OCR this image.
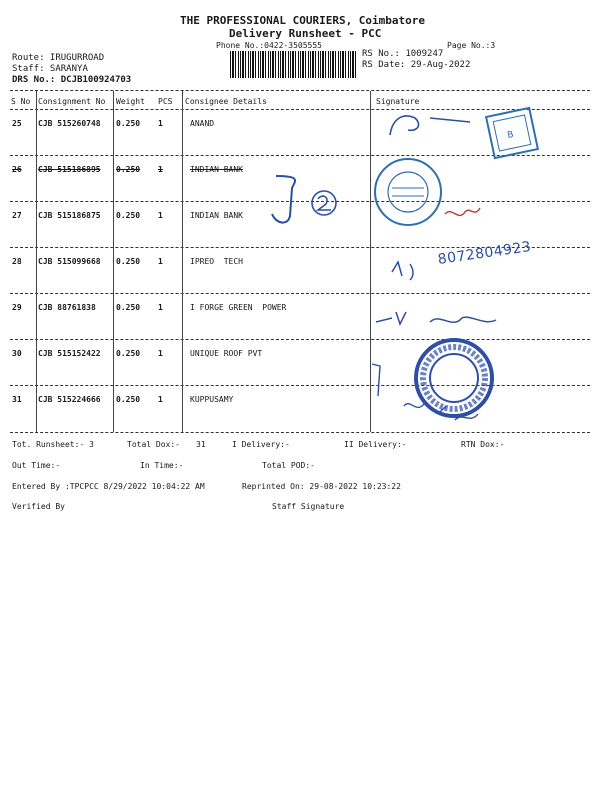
THE PROFESSIONAL COURIERS, Coimbatore
Delivery Runsheet - PCC
Phone No.:0422-3505555	Page No.:3
Route: IRUGURROAD
Staff: SARANYA
DRS No.: DCJB100924703
RS No.: 1009247
RS Date: 29-Aug-2022
S No Consignment No Weight PCS Consignee Details	Signature
25 CJB 515260748 0.250 1	ANAND
26 CJB 515186895 0.250 1	INDIAN BANK
27 CJB 515186875 0.250 1	INDIAN BANK
28 CJB 515099668 0.250 1	IPREO  TECH
29 CJB 88761838	0.250 1	I FORGE GREEN  POWER
30 CJB 515152422 0.250 1	UNIQUE ROOF PVT
31 CJB 515224666 0.250 1	KUPPUSAMY
B
8072804923
Tot. Runsheet:- 3	Total Dox:- 31	I Delivery:-	II Delivery:-	RTN Dox:-
Out Time:-	In Time:-	Total POD:-
Entered By :TPCPCC 8/29/2022 10:04:22 AM	Reprinted On: 29-08-2022 10:23:22
Verified By	Staff Signature
